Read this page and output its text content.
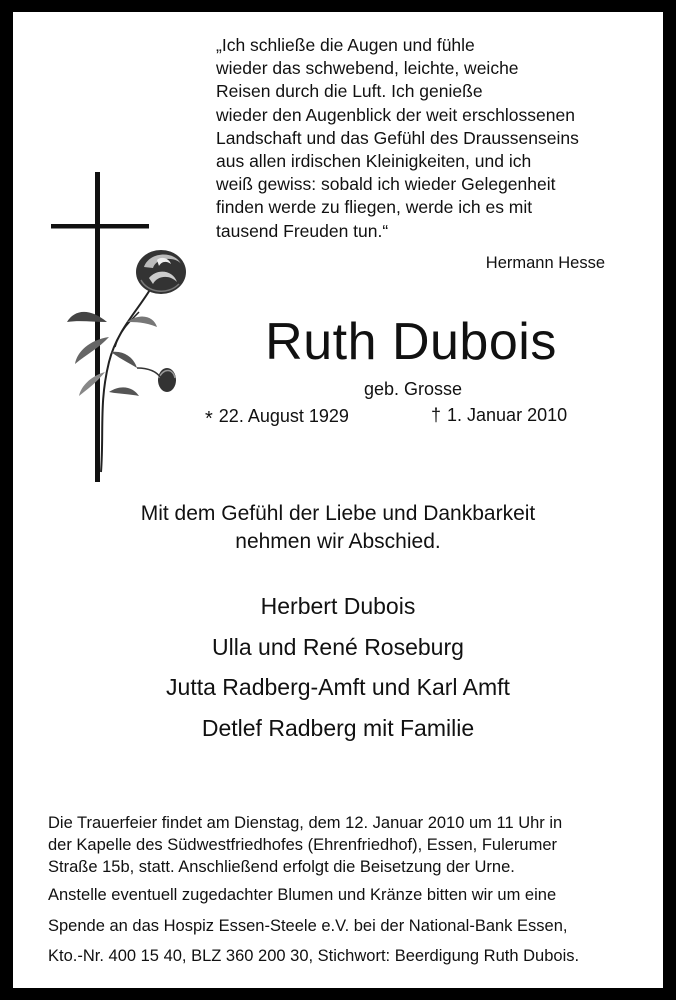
„Ich schließe die Augen und fühle
wieder das schwebend, leichte, weiche
Reisen durch die Luft. Ich genieße
wieder den Augenblick der weit erschlossenen
Landschaft und das Gefühl des Draussenseins
aus allen irdischen Kleinigkeiten, und ich
weiß gewiss: sobald ich wieder Gelegenheit
finden werde zu fliegen, werde ich es mit
tausend Freuden tun.“
Hermann Hesse
Ruth Dubois
geb. Grosse
* 22. August 1929	† 1. Januar 2010
Mit dem Gefühl der Liebe und Dankbarkeit
nehmen wir Abschied.
Herbert Dubois
Ulla und René Roseburg
Jutta Radberg-Amft und Karl Amft
Detlef Radberg mit Familie
Die Trauerfeier findet am Dienstag, dem 12. Januar 2010 um 11 Uhr in
der Kapelle des Südwestfriedhofes (Ehrenfriedhof), Essen, Fulerumer
Straße 15b, statt. Anschließend erfolgt die Beisetzung der Urne.
Anstelle eventuell zugedachter Blumen und Kränze bitten wir um eine
Spende an das Hospiz Essen-Steele e.V. bei der National-Bank Essen,
Kto.-Nr. 400 15 40, BLZ 360 200 30, Stichwort: Beerdigung Ruth Dubois.
